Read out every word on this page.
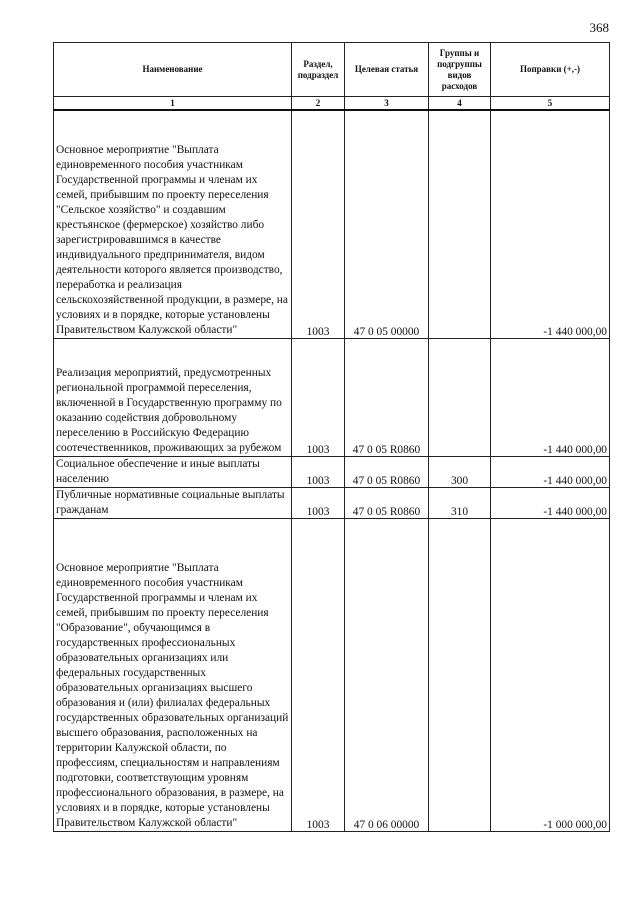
368
Наименование	Раздел, подраздел	Целевая статья	Группы и подгруппы видов расходов	Поправки (+,-)
1	2	3	4	5
Основное мероприятие "Выплата единовременного пособия участникам Государственной программы и членам их семей, прибывшим по проекту переселения "Сельское хозяйство" и создавшим крестьянское (фермерское) хозяйство либо зарегистрировавшимся в качестве индивидуального предпринимателя, видом деятельности которого является производство, переработка и реализация сельскохозяйственной продукции, в размере, на условиях и в порядке, которые установлены Правительством Калужской области"	1003	47 0 05 00000		-1 440 000,00
Реализация мероприятий, предусмотренных региональной программой переселения, включенной в Государственную программу по оказанию содействия добровольному переселению в Российскую Федерацию соотечественников, проживающих за рубежом	1003	47 0 05 R0860		-1 440 000,00
Социальное обеспечение и иные выплаты населению	1003	47 0 05 R0860	300	-1 440 000,00
Публичные нормативные социальные выплаты гражданам	1003	47 0 05 R0860	310	-1 440 000,00
Основное мероприятие "Выплата единовременного пособия участникам Государственной программы и членам их семей, прибывшим по проекту переселения "Образование", обучающимся в государственных профессиональных образовательных организациях или федеральных государственных образовательных организациях высшего образования и (или) филиалах федеральных государственных образовательных организаций высшего образования, расположенных на территории Калужской области, по профессиям, специальностям и направлениям подготовки, соответствующим уровням профессионального образования, в размере, на условиях и в порядке, которые установлены Правительством Калужской области"	1003	47 0 06 00000		-1 000 000,00
